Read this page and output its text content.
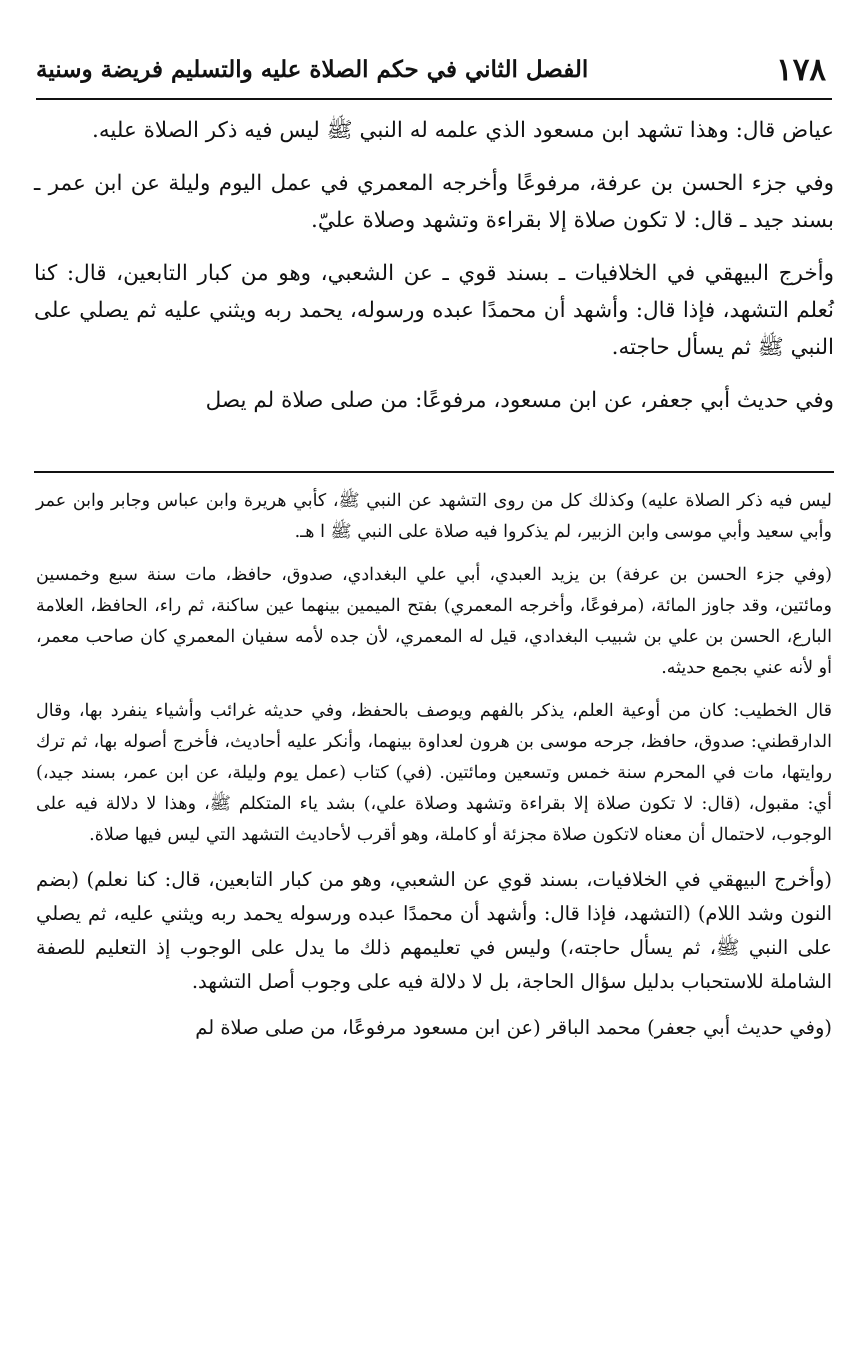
الفصل الثاني في حكم الصلاة عليه والتسليم فريضة وسنية	١٧٨

عياض قال: وهذا تشهد ابن مسعود الذي علمه له النبي ﷺ ليس فيه ذكر الصلاة عليه.

وفي جزء الحسن بن عرفة، مرفوعًا وأخرجه المعمري في عمل اليوم وليلة عن ابن عمر ـ بسند جيد ـ قال: لا تكون صلاة إلا بقراءة وتشهد وصلاة عليّ.

وأخرج البيهقي في الخلافيات ـ بسند قوي ـ عن الشعبي، وهو من كبار التابعين، قال: كنا نُعلم التشهد، فإذا قال: وأشهد أن محمدًا عبده ورسوله، يحمد ربه ويثني عليه ثم يصلي على النبي ﷺ ثم يسأل حاجته.

وفي حديث أبي جعفر، عن ابن مسعود، مرفوعًا: من صلى صلاة لم يصل

ليس فيه ذكر الصلاة عليه) وكذلك كل من روى التشهد عن النبي ﷺ، كأبي هريرة وابن عباس وجابر وابن عمر وأبي سعيد وأبي موسى وابن الزبير، لم يذكروا فيه صلاة على النبي ﷺ ا هـ.

(وفي جزء الحسن بن عرفة) بن يزيد العبدي، أبي علي البغدادي، صدوق، حافظ، مات سنة سبع وخمسين ومائتين، وقد جاوز المائة، (مرفوعًا، وأخرجه المعمري) بفتح الميمين بينهما عين ساكنة، ثم راء، الحافظ، العلامة البارع، الحسن بن علي بن شبيب البغدادي، قيل له المعمري، لأن جده لأمه سفيان المعمري كان صاحب معمر، أو لأنه عني بجمع حديثه.

قال الخطيب: كان من أوعية العلم، يذكر بالفهم ويوصف بالحفظ، وفي حديثه غرائب وأشياء ينفرد بها، وقال الدارقطني: صدوق، حافظ، جرحه موسى بن هرون لعداوة بينهما، وأنكر عليه أحاديث، فأخرج أصوله بها، ثم ترك روايتها، مات في المحرم سنة خمس وتسعين ومائتين. (في) كتاب (عمل يوم وليلة، عن ابن عمر، بسند جيد،) أي: مقبول، (قال: لا تكون صلاة إلا بقراءة وتشهد وصلاة علي،) بشد ياء المتكلم ﷺ، وهذا لا دلالة فيه على الوجوب، لاحتمال أن معناه لاتكون صلاة مجزئة أو كاملة، وهو أقرب لأحاديث التشهد التي ليس فيها صلاة.

(وأخرج البيهقي في الخلافيات، بسند قوي عن الشعبي، وهو من كبار التابعين، قال: كنا نعلم) (بضم النون وشد اللام) (التشهد، فإذا قال: وأشهد أن محمدًا عبده ورسوله يحمد ربه ويثني عليه، ثم يصلي على النبي ﷺ، ثم يسأل حاجته،) وليس في تعليمهم ذلك ما يدل على الوجوب إذ التعليم للصفة الشاملة للاستحباب بدليل سؤال الحاجة، بل لا دلالة فيه على وجوب أصل التشهد.

(وفي حديث أبي جعفر) محمد الباقر (عن ابن مسعود مرفوعًا، من صلى صلاة لم
